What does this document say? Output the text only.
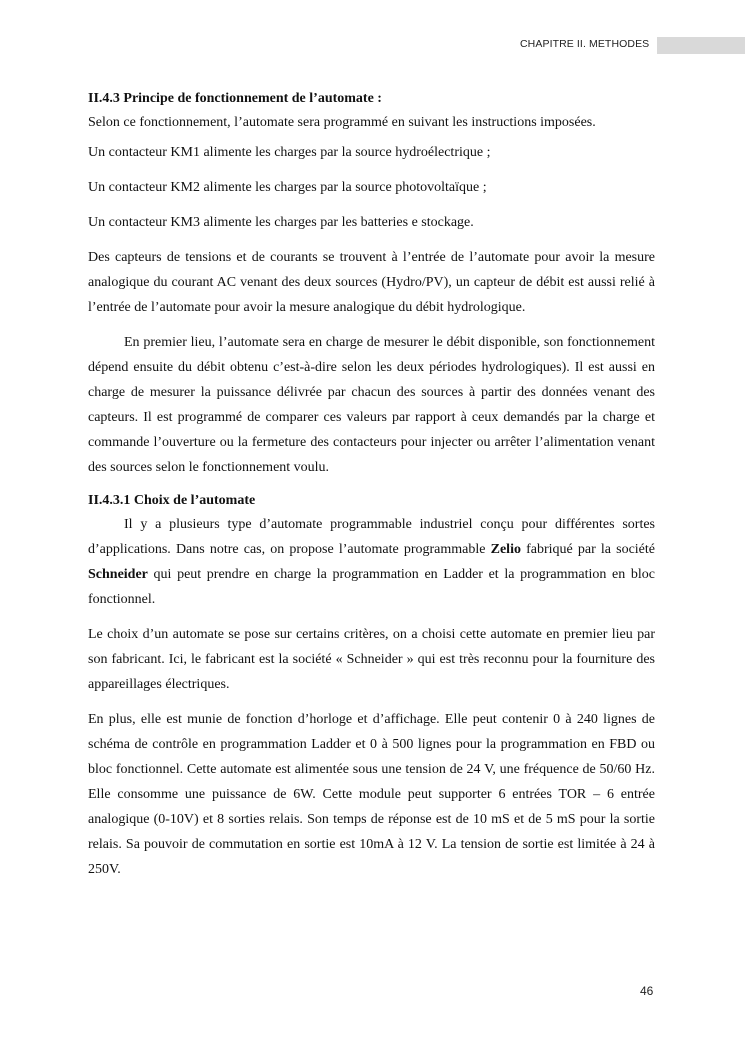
CHAPITRE II. METHODES

II.4.3 Principe de fonctionnement de l’automate :

Selon ce fonctionnement, l’automate sera programmé en suivant les instructions imposées.

Un contacteur KM1 alimente les charges par la source hydroélectrique ;

Un contacteur KM2 alimente les charges par la source photovoltaïque ;

Un contacteur KM3 alimente les charges par les batteries e stockage.

Des capteurs de tensions et de courants se trouvent à l’entrée de l’automate pour avoir la mesure analogique du courant AC venant des deux sources (Hydro/PV), un capteur de débit est aussi relié à l’entrée de l’automate pour avoir la mesure analogique du débit hydrologique.

En premier lieu, l’automate sera en charge de mesurer le débit disponible, son fonctionnement dépend ensuite du débit obtenu c’est-à-dire selon les deux périodes hydrologiques). Il est aussi en charge de mesurer la puissance délivrée par chacun des sources à partir des données venant des capteurs. Il est programmé de comparer ces valeurs par rapport à ceux demandés par la charge et commande l’ouverture ou la fermeture des contacteurs pour injecter ou arrêter l’alimentation venant des sources selon le fonctionnement voulu.

II.4.3.1 Choix de l’automate

Il y a plusieurs type d’automate programmable industriel conçu pour différentes sortes d’applications. Dans notre cas, on propose l’automate programmable Zelio fabriqué par la société Schneider qui peut prendre en charge la programmation en Ladder et la programmation en bloc fonctionnel.

Le choix d’un automate se pose sur certains critères, on a choisi cette automate en premier lieu par son fabricant. Ici, le fabricant est la société « Schneider » qui est très reconnu pour la fourniture des appareillages électriques.

En plus, elle est munie de fonction d’horloge et d’affichage. Elle peut contenir 0 à 240 lignes de schéma de contrôle en programmation Ladder et 0 à 500 lignes pour la programmation en FBD ou bloc fonctionnel. Cette automate est alimentée sous une tension de 24 V, une fréquence de 50/60 Hz. Elle consomme une puissance de 6W. Cette module peut supporter 6 entrées TOR – 6 entrée analogique (0-10V) et 8 sorties relais. Son temps de réponse est de 10 mS et de 5 mS pour la sortie relais. Sa pouvoir de commutation en sortie est 10mA à 12 V. La tension de sortie est limitée à 24 à 250V.

46
